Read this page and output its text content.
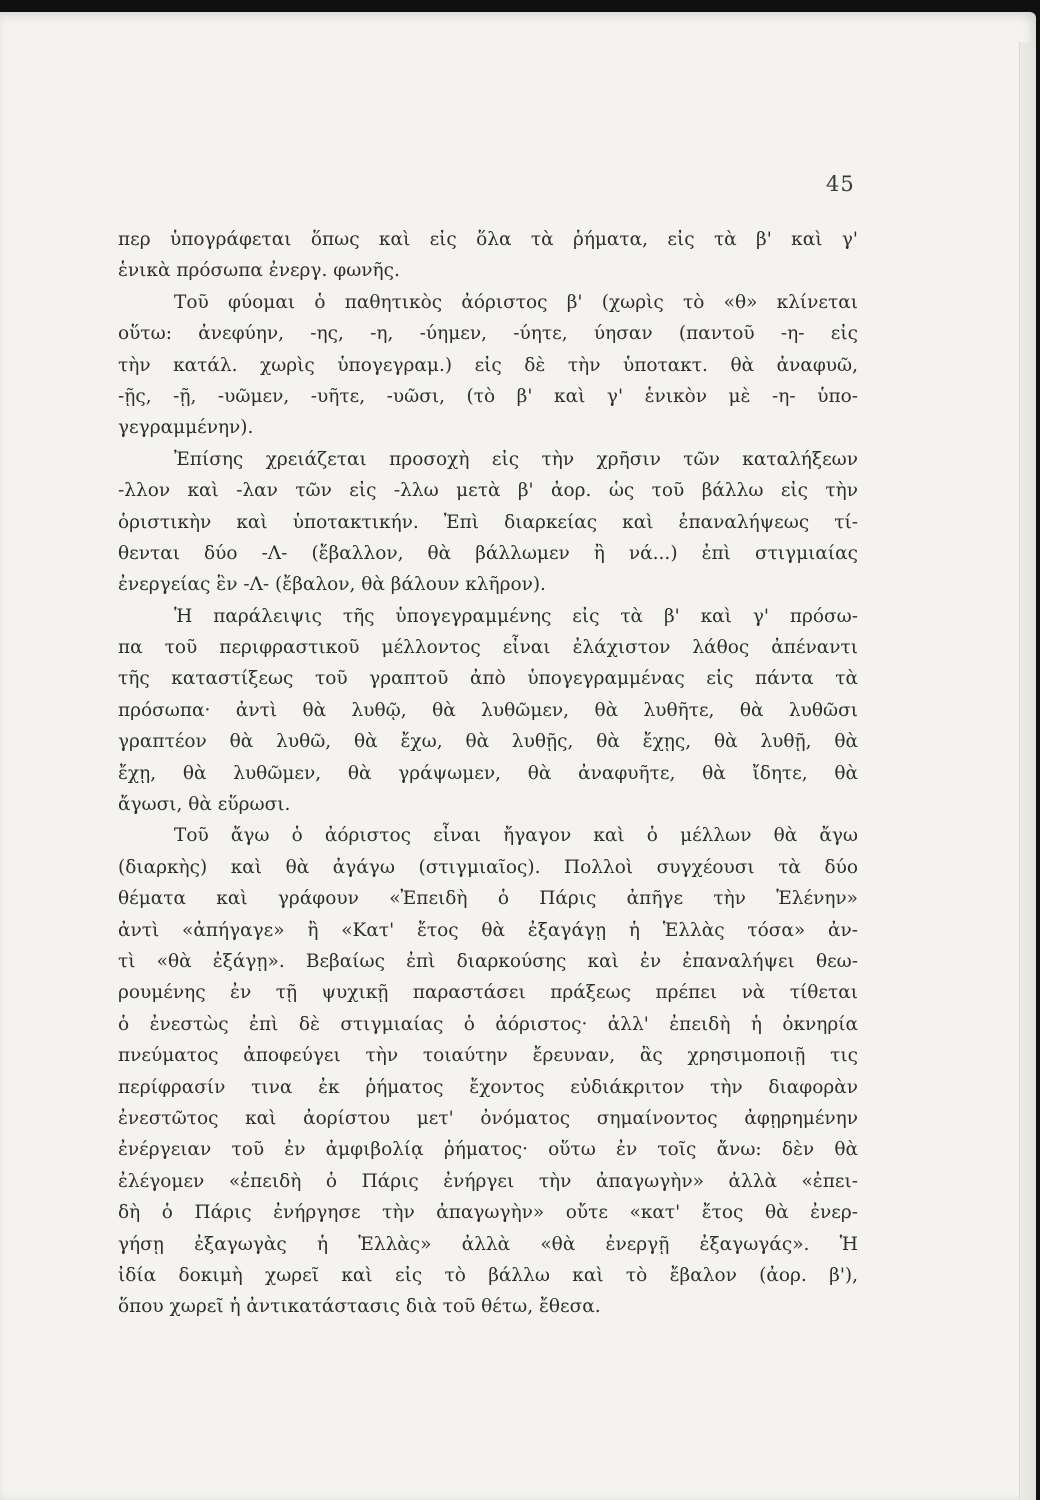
45
περ ὑπογράφεται ὅπως καὶ εἰς ὅλα τὰ ῥήματα, εἰς τὰ β' καὶ γ'
ἑνικὰ πρόσωπα ἐνεργ. φωνῆς.
Τοῦ φύομαι ὁ παθητικὸς ἀόριστος β' (χωρὶς τὸ «θ» κλίνεται
οὕτω: ἀνεφύην, -ης, -η, -ύημεν, -ύητε, ύησαν (παντοῦ -η- εἰς
τὴν κατάλ. χωρὶς ὑπογεγραμ.) εἰς δὲ τὴν ὑποτακτ. θὰ ἀναφυῶ,
-ῇς, -ῇ, -υῶμεν, -υῆτε, -υῶσι, (τὸ β' καὶ γ' ἑνικὸν μὲ -η- ὑπο-
γεγραμμένην).
Ἐπίσης χρειάζεται προσοχὴ εἰς τὴν χρῆσιν τῶν καταλήξεων
-λλον καὶ -λαν τῶν εἰς -λλω μετὰ β' ἀορ. ὡς τοῦ βάλλω εἰς τὴν
ὁριστικὴν καὶ ὑποτακτικήν. Ἐπὶ διαρκείας καὶ ἐπαναλήψεως τί-
θενται δύο -Λ- (ἔβαλλον, θὰ βάλλωμεν ἢ νά...) ἐπὶ στιγμιαίας
ἐνεργείας ἓν -Λ- (ἔβαλον, θὰ βάλουν κλῆρον).
Ἡ παράλειψις τῆς ὑπογεγραμμένης εἰς τὰ β' καὶ γ' πρόσω-
πα τοῦ περιφραστικοῦ μέλλοντος εἶναι ἐλάχιστον λάθος ἀπέναντι
τῆς καταστίξεως τοῦ γραπτοῦ ἀπὸ ὑπογεγραμμένας εἰς πάντα τὰ
πρόσωπα· ἀντὶ θὰ λυθῷ, θὰ λυθῶμεν, θὰ λυθῆτε, θὰ λυθῶσι
γραπτέον θὰ λυθῶ, θὰ ἔχω, θὰ λυθῇς, θὰ ἔχῃς, θὰ λυθῇ, θὰ
ἔχῃ, θὰ λυθῶμεν, θὰ γράψωμεν, θὰ ἀναφυῆτε, θὰ ἴδητε, θὰ
ἄγωσι, θὰ εὕρωσι.
Τοῦ ἄγω ὁ ἀόριστος εἶναι ἤγαγον καὶ ὁ μέλλων θὰ ἄγω
(διαρκὴς) καὶ θὰ ἀγάγω (στιγμιαῖος). Πολλοὶ συγχέουσι τὰ δύο
θέματα καὶ γράφουν «Ἐπειδὴ ὁ Πάρις ἀπῆγε τὴν Ἑλένην»
ἀντὶ «ἀπήγαγε» ἢ «Κατ' ἔτος θὰ ἐξαγάγῃ ἡ Ἑλλὰς τόσα» ἀν-
τὶ «θὰ ἐξάγῃ». Βεβαίως ἐπὶ διαρκούσης καὶ ἐν ἐπαναλήψει θεω-
ρουμένης ἐν τῇ ψυχικῇ παραστάσει πράξεως πρέπει νὰ τίθεται
ὁ ἐνεστὼς ἐπὶ δὲ στιγμιαίας ὁ ἀόριστος· ἀλλ' ἐπειδὴ ἡ ὀκνηρία
πνεύματος ἀποφεύγει τὴν τοιαύτην ἔρευναν, ἂς χρησιμοποιῇ τις
περίφρασίν τινα ἐκ ῥήματος ἔχοντος εὐδιάκριτον τὴν διαφορὰν
ἐνεστῶτος καὶ ἀορίστου μετ' ὀνόματος σημαίνοντος ἀφῃρημένην
ἐνέργειαν τοῦ ἐν ἀμφιβολίᾳ ῥήματος· οὕτω ἐν τοῖς ἄνω: δὲν θὰ
ἐλέγομεν «ἐπειδὴ ὁ Πάρις ἐνήργει τὴν ἀπαγωγὴν» ἀλλὰ «ἐπει-
δὴ ὁ Πάρις ἐνήργησε τὴν ἀπαγωγὴν» οὔτε «κατ' ἔτος θὰ ἐνερ-
γήσῃ ἐξαγωγὰς ἡ Ἑλλὰς» ἀλλὰ «θὰ ἐνεργῇ ἐξαγωγάς». Ἡ
ἰδία δοκιμὴ χωρεῖ καὶ εἰς τὸ βάλλω καὶ τὸ ἔβαλον (ἀορ. β'),
ὅπου χωρεῖ ἡ ἀντικατάστασις διὰ τοῦ θέτω, ἔθεσα.
